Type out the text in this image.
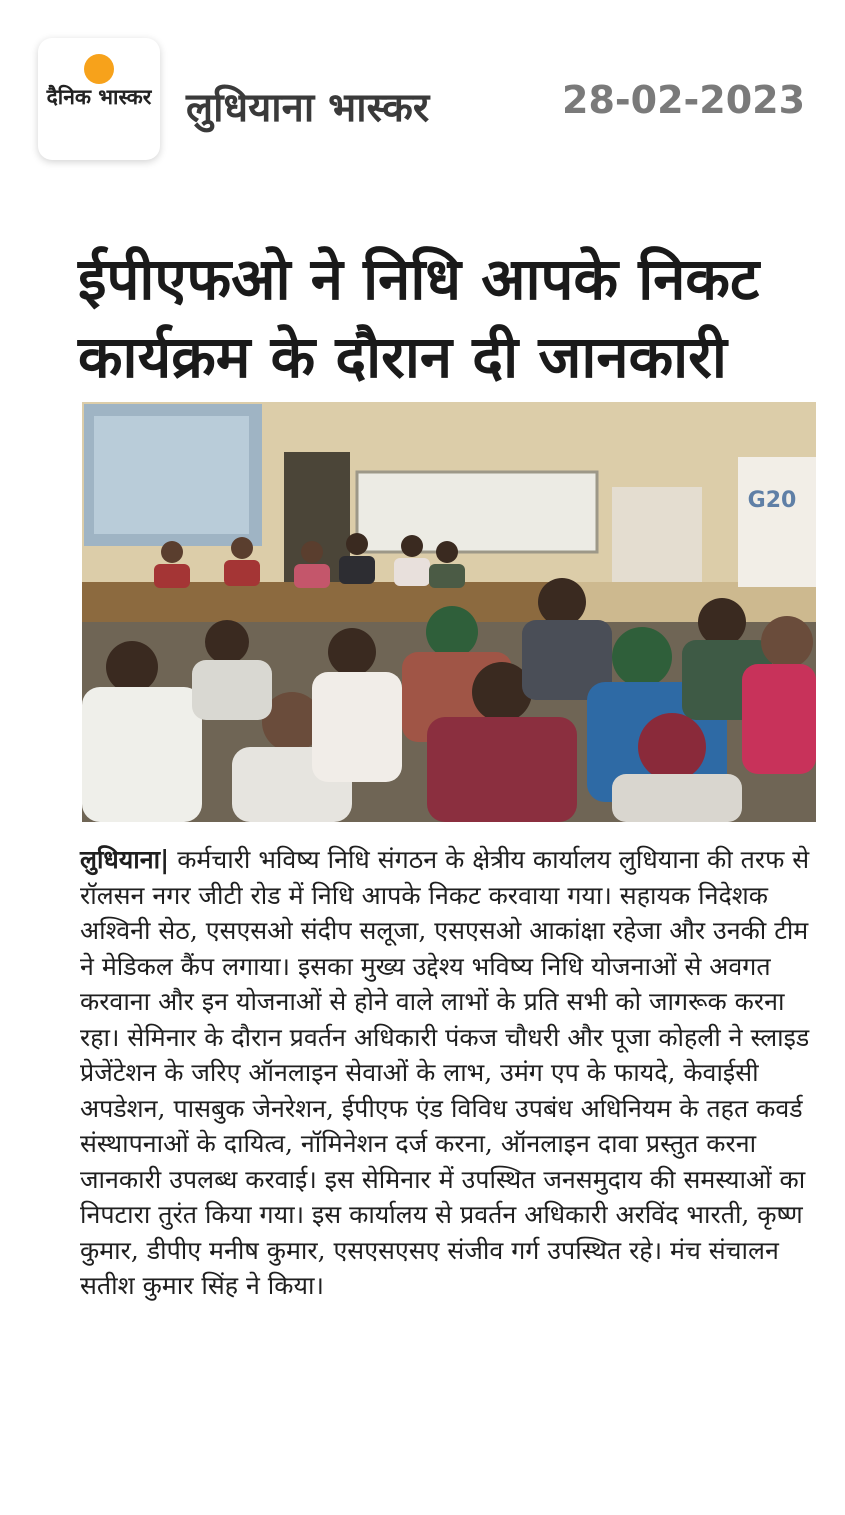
दैनिक भास्कर लुधियाना भास्कर	28-02-2023
ईपीएफओ ने निधि आपके निकट कार्यक्रम के दौरान दी जानकारी
G20
लुधियाना| कर्मचारी भविष्य निधि संगठन के क्षेत्रीय कार्यालय लुधियाना की तरफ से रॉलसन नगर जीटी रोड में निधि आपके निकट करवाया गया। सहायक निदेशक अश्विनी सेठ, एसएसओ संदीप सलूजा, एसएसओ आकांक्षा रहेजा और उनकी टीम ने मेडिकल कैंप लगाया। इसका मुख्य उद्देश्य भविष्य निधि योजनाओं से अवगत करवाना और इन योजनाओं से होने वाले लाभों के प्रति सभी को जागरूक करना रहा। सेमिनार के दौरान प्रवर्तन अधिकारी पंकज चौधरी और पूजा कोहली ने स्लाइड प्रेजेंटेशन के जरिए ऑनलाइन सेवाओं के लाभ, उमंग एप के फायदे, केवाईसी अपडेशन, पासबुक जेनरेशन, ईपीएफ एंड विविध उपबंध अधिनियम के तहत कवर्ड संस्थापनाओं के दायित्व, नॉमिनेशन दर्ज करना, ऑनलाइन दावा प्रस्तुत करना जानकारी उपलब्ध करवाई। इस सेमिनार में उपस्थित जनसमुदाय की समस्याओं का निपटारा तुरंत किया गया। इस कार्यालय से प्रवर्तन अधिकारी अरविंद भारती, कृष्ण कुमार, डीपीए मनीष कुमार, एसएसएसए संजीव गर्ग उपस्थित रहे। मंच संचालन सतीश कुमार सिंह ने किया।
